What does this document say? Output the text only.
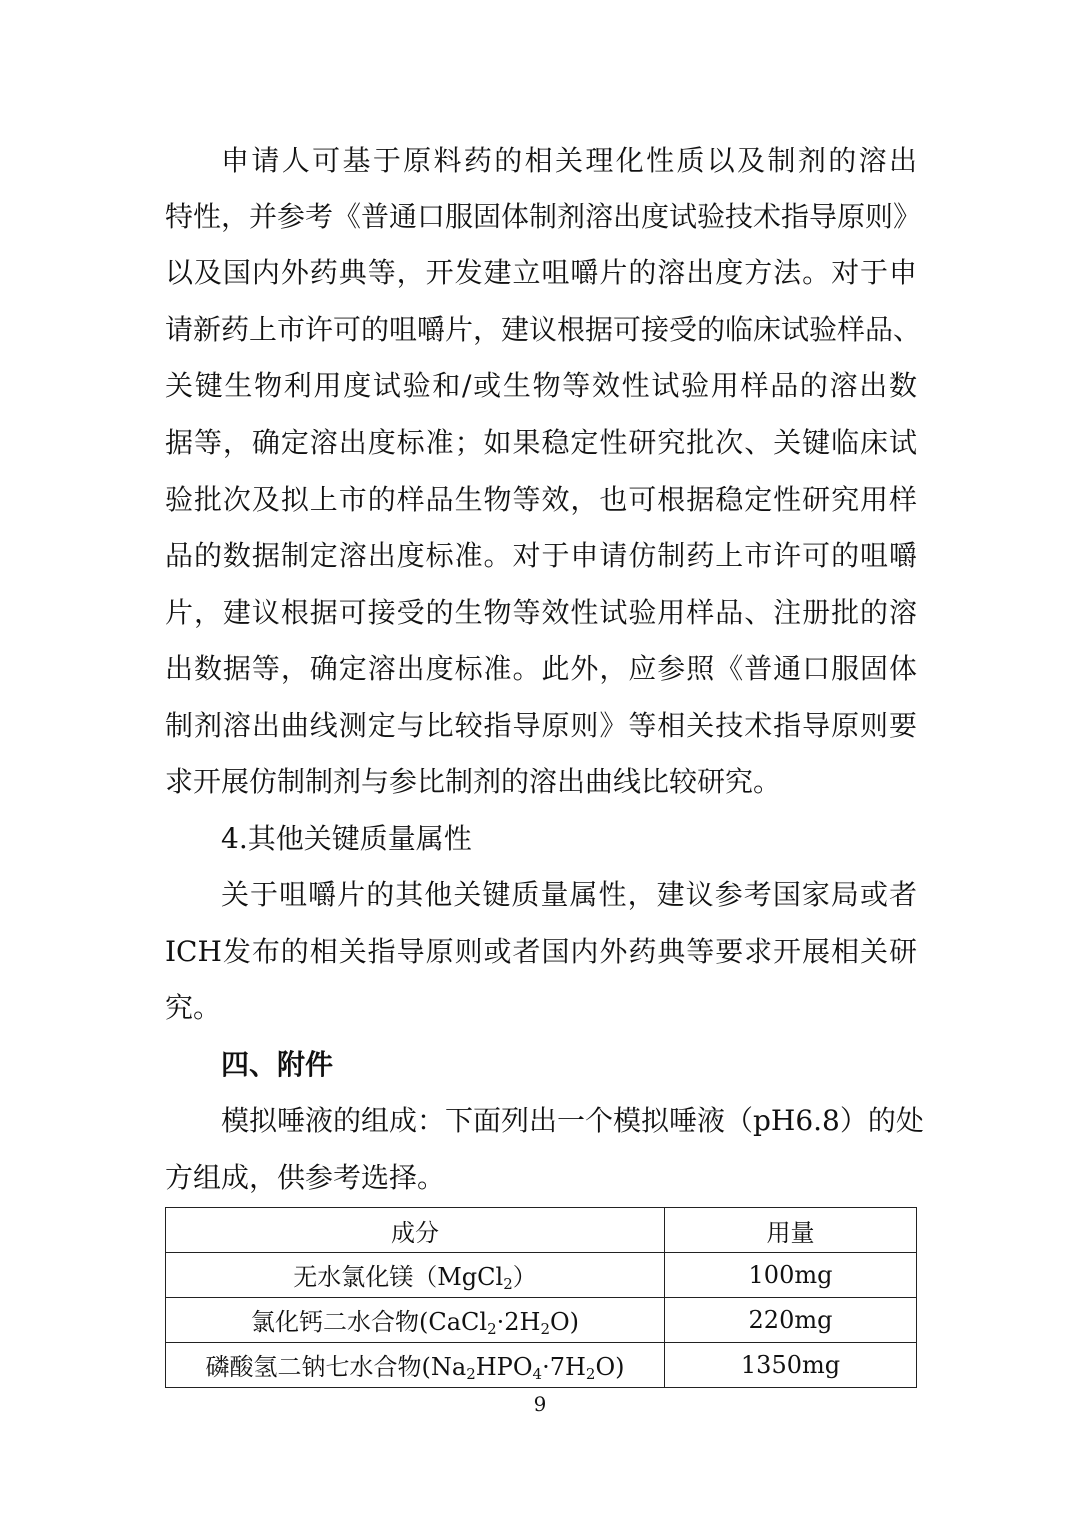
申请人可基于原料药的相关理化性质以及制剂的溶出
特性，并参考《普通口服固体制剂溶出度试验技术指导原则》
以及国内外药典等，开发建立咀嚼片的溶出度方法。对于申
请新药上市许可的咀嚼片，建议根据可接受的临床试验样品、
关键生物利用度试验和/或生物等效性试验用样品的溶出数
据等，确定溶出度标准；如果稳定性研究批次、关键临床试
验批次及拟上市的样品生物等效，也可根据稳定性研究用样
品的数据制定溶出度标准。对于申请仿制药上市许可的咀嚼
片，建议根据可接受的生物等效性试验用样品、注册批的溶
出数据等，确定溶出度标准。此外，应参照《普通口服固体
制剂溶出曲线测定与比较指导原则》等相关技术指导原则要
求开展仿制制剂与参比制剂的溶出曲线比较研究。
4.其他关键质量属性
关于咀嚼片的其他关键质量属性，建议参考国家局或者
ICH发布的相关指导原则或者国内外药典等要求开展相关研
究。
四、附件
模拟唾液的组成：下面列出一个模拟唾液（pH6.8）的处
方组成，供参考选择。
成分	用量
无水氯化镁（MgCl$_2$）	100mg
氯化钙二水合物$(CaCl_2\cdot 2H_2O)$	220mg
磷酸氢二钠七水合物$(Na_2HPO_4\cdot 7H_2O)$	1350mg
9
